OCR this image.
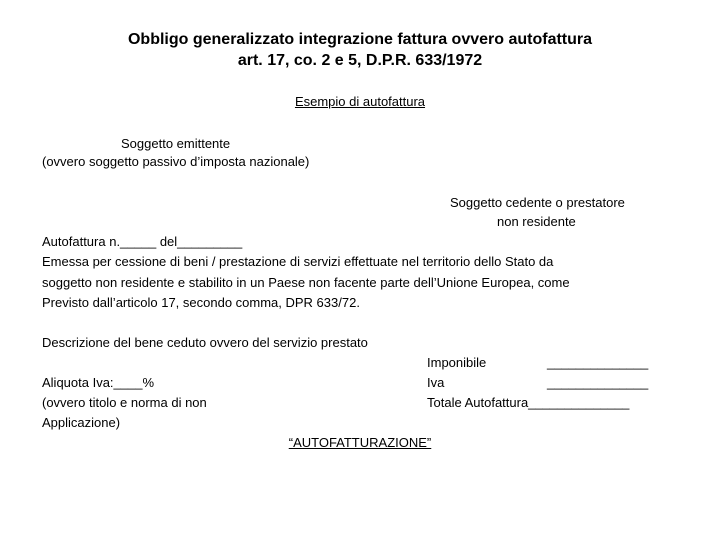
Obbligo generalizzato integrazione fattura ovvero autofattura
art. 17, co. 2 e 5, D.P.R. 633/1972
Esempio di autofattura
Soggetto emittente
(ovvero soggetto passivo d’imposta nazionale)
Soggetto cedente o prestatore
non residente
Autofattura n._____ del_________
Emessa per cessione di beni / prestazione di servizi effettuate nel territorio dello Stato da
soggetto non residente e stabilito in un Paese non facente parte dell’Unione Europea, come
Previsto dall’articolo 17, secondo comma, DPR 633/72.
Descrizione del bene ceduto ovvero del servizio prestato
Imponibile	______________
Aliquota Iva:____%	Iva	______________
(ovvero titolo e norma di non	Totale Autofattura______________
Applicazione)
“AUTOFATTURAZIONE”
